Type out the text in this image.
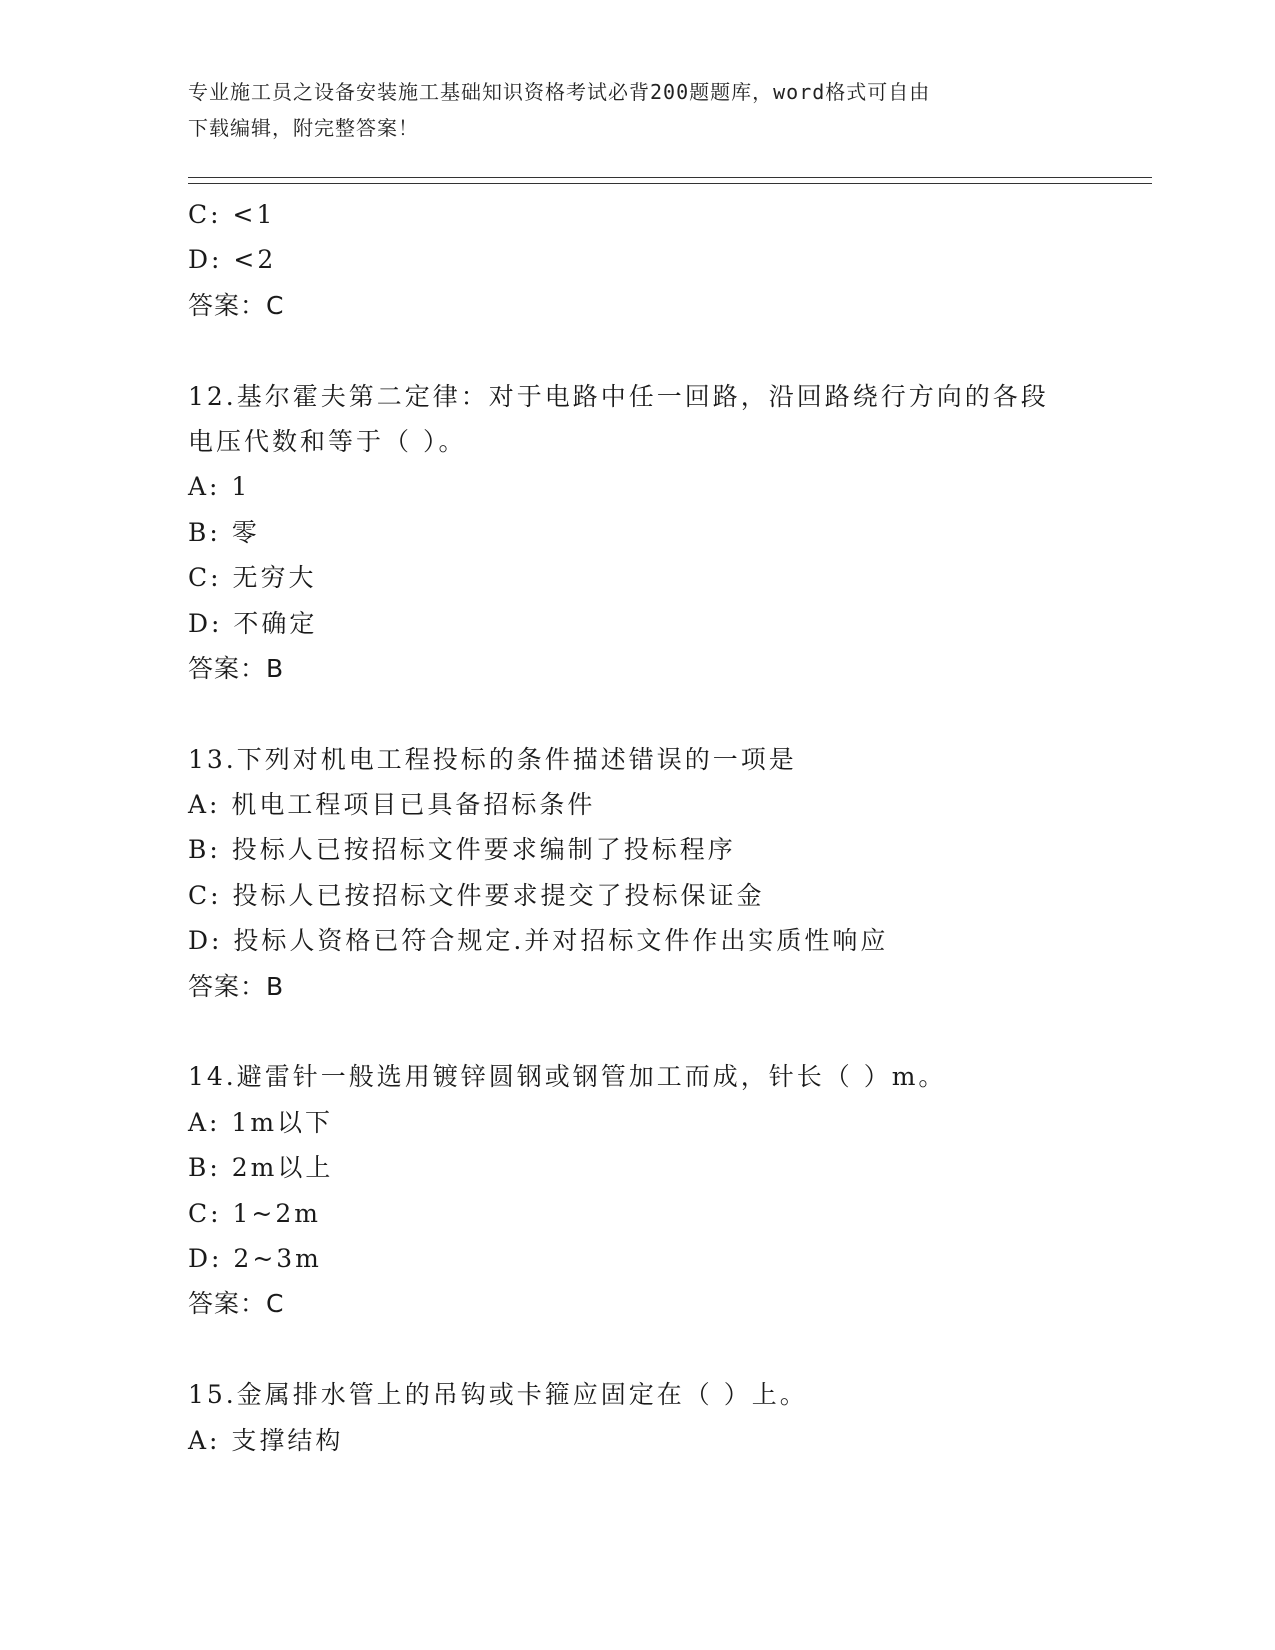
专业施工员之设备安装施工基础知识资格考试必背200题题库，word格式可自由
下载编辑，附完整答案！
C: <1
D: <2
答案：C
12.基尔霍夫第二定律：对于电路中任一回路，沿回路绕行方向的各段
电压代数和等于（ ）。
A: 1
B: 零
C: 无穷大
D: 不确定
答案：B
13.下列对机电工程投标的条件描述错误的一项是
A: 机电工程项目已具备招标条件
B: 投标人已按招标文件要求编制了投标程序
C: 投标人已按招标文件要求提交了投标保证金
D: 投标人资格已符合规定.并对招标文件作出实质性响应
答案：B
14.避雷针一般选用镀锌圆钢或钢管加工而成，针长（ ）m。
A: 1m以下
B: 2m以上
C: 1~2m
D: 2~3m
答案：C
15.金属排水管上的吊钩或卡箍应固定在（ ）上。
A: 支撑结构
